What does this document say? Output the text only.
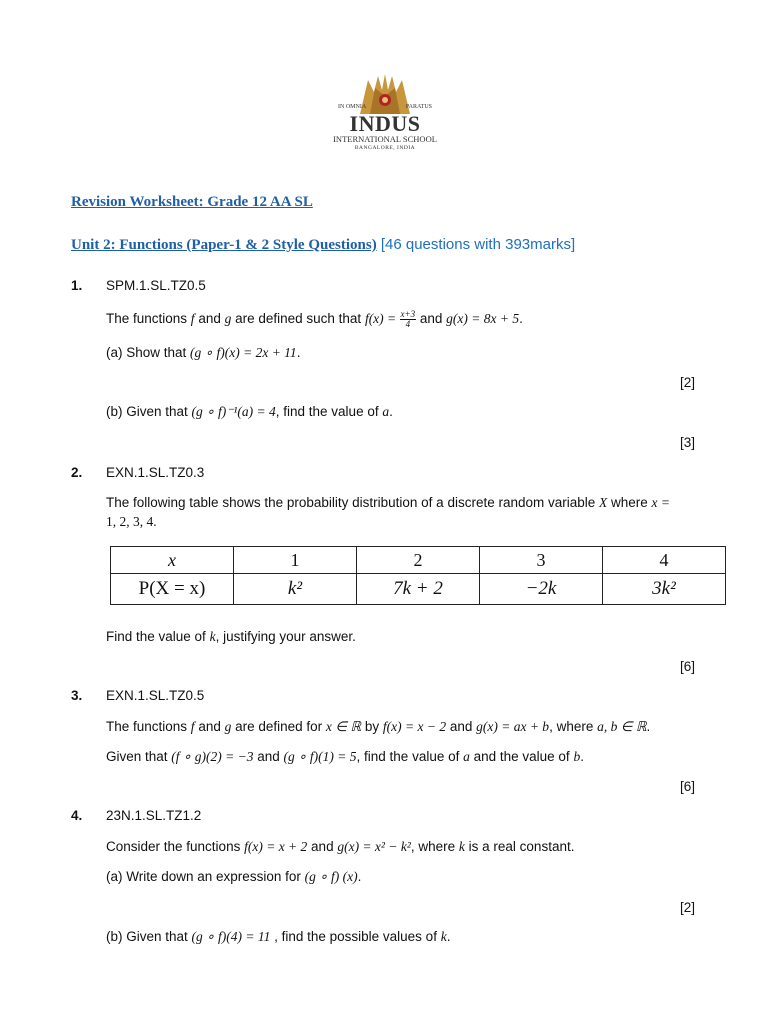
IN OMNIA	PARATUS
INDUS
INTERNATIONAL SCHOOL
BANGALORE, INDIA
Revision Worksheet: Grade 12 AA SL
Unit 2: Functions (Paper-1 & 2 Style Questions) [46 questions with 393marks]
1. SPM.1.SL.TZ0.5
The functions f and g are defined such that $f(x) = \frac{x+3}{4}$ and g(x) = 8x + 5.
(a) Show that (g ∘ f)(x) = 2x + 11.
[2]
(b) Given that (g ∘ f)⁻¹(a) = 4, find the value of a.
[3]
2. EXN.1.SL.TZ0.3
The following table shows the probability distribution of a discrete random variable X where x =
1, 2, 3, 4.
x	1	2	3	4
P(X = x)	k²	7k + 2	−2k	3k²
Find the value of k, justifying your answer.
[6]
3. EXN.1.SL.TZ0.5
The functions f and g are defined for x ∈ ℝ by f(x) = x − 2 and g(x) = ax + b, where a, b ∈ ℝ.
Given that (f ∘ g)(2) = −3 and (g ∘ f)(1) = 5, find the value of a and the value of b.
[6]
4. 23N.1.SL.TZ1.2
Consider the functions f(x) = x + 2 and g(x) = x² − k², where k is a real constant.
(a) Write down an expression for (g ∘ f) (x).
[2]
(b) Given that (g ∘ f)(4) = 11 , find the possible values of k.
